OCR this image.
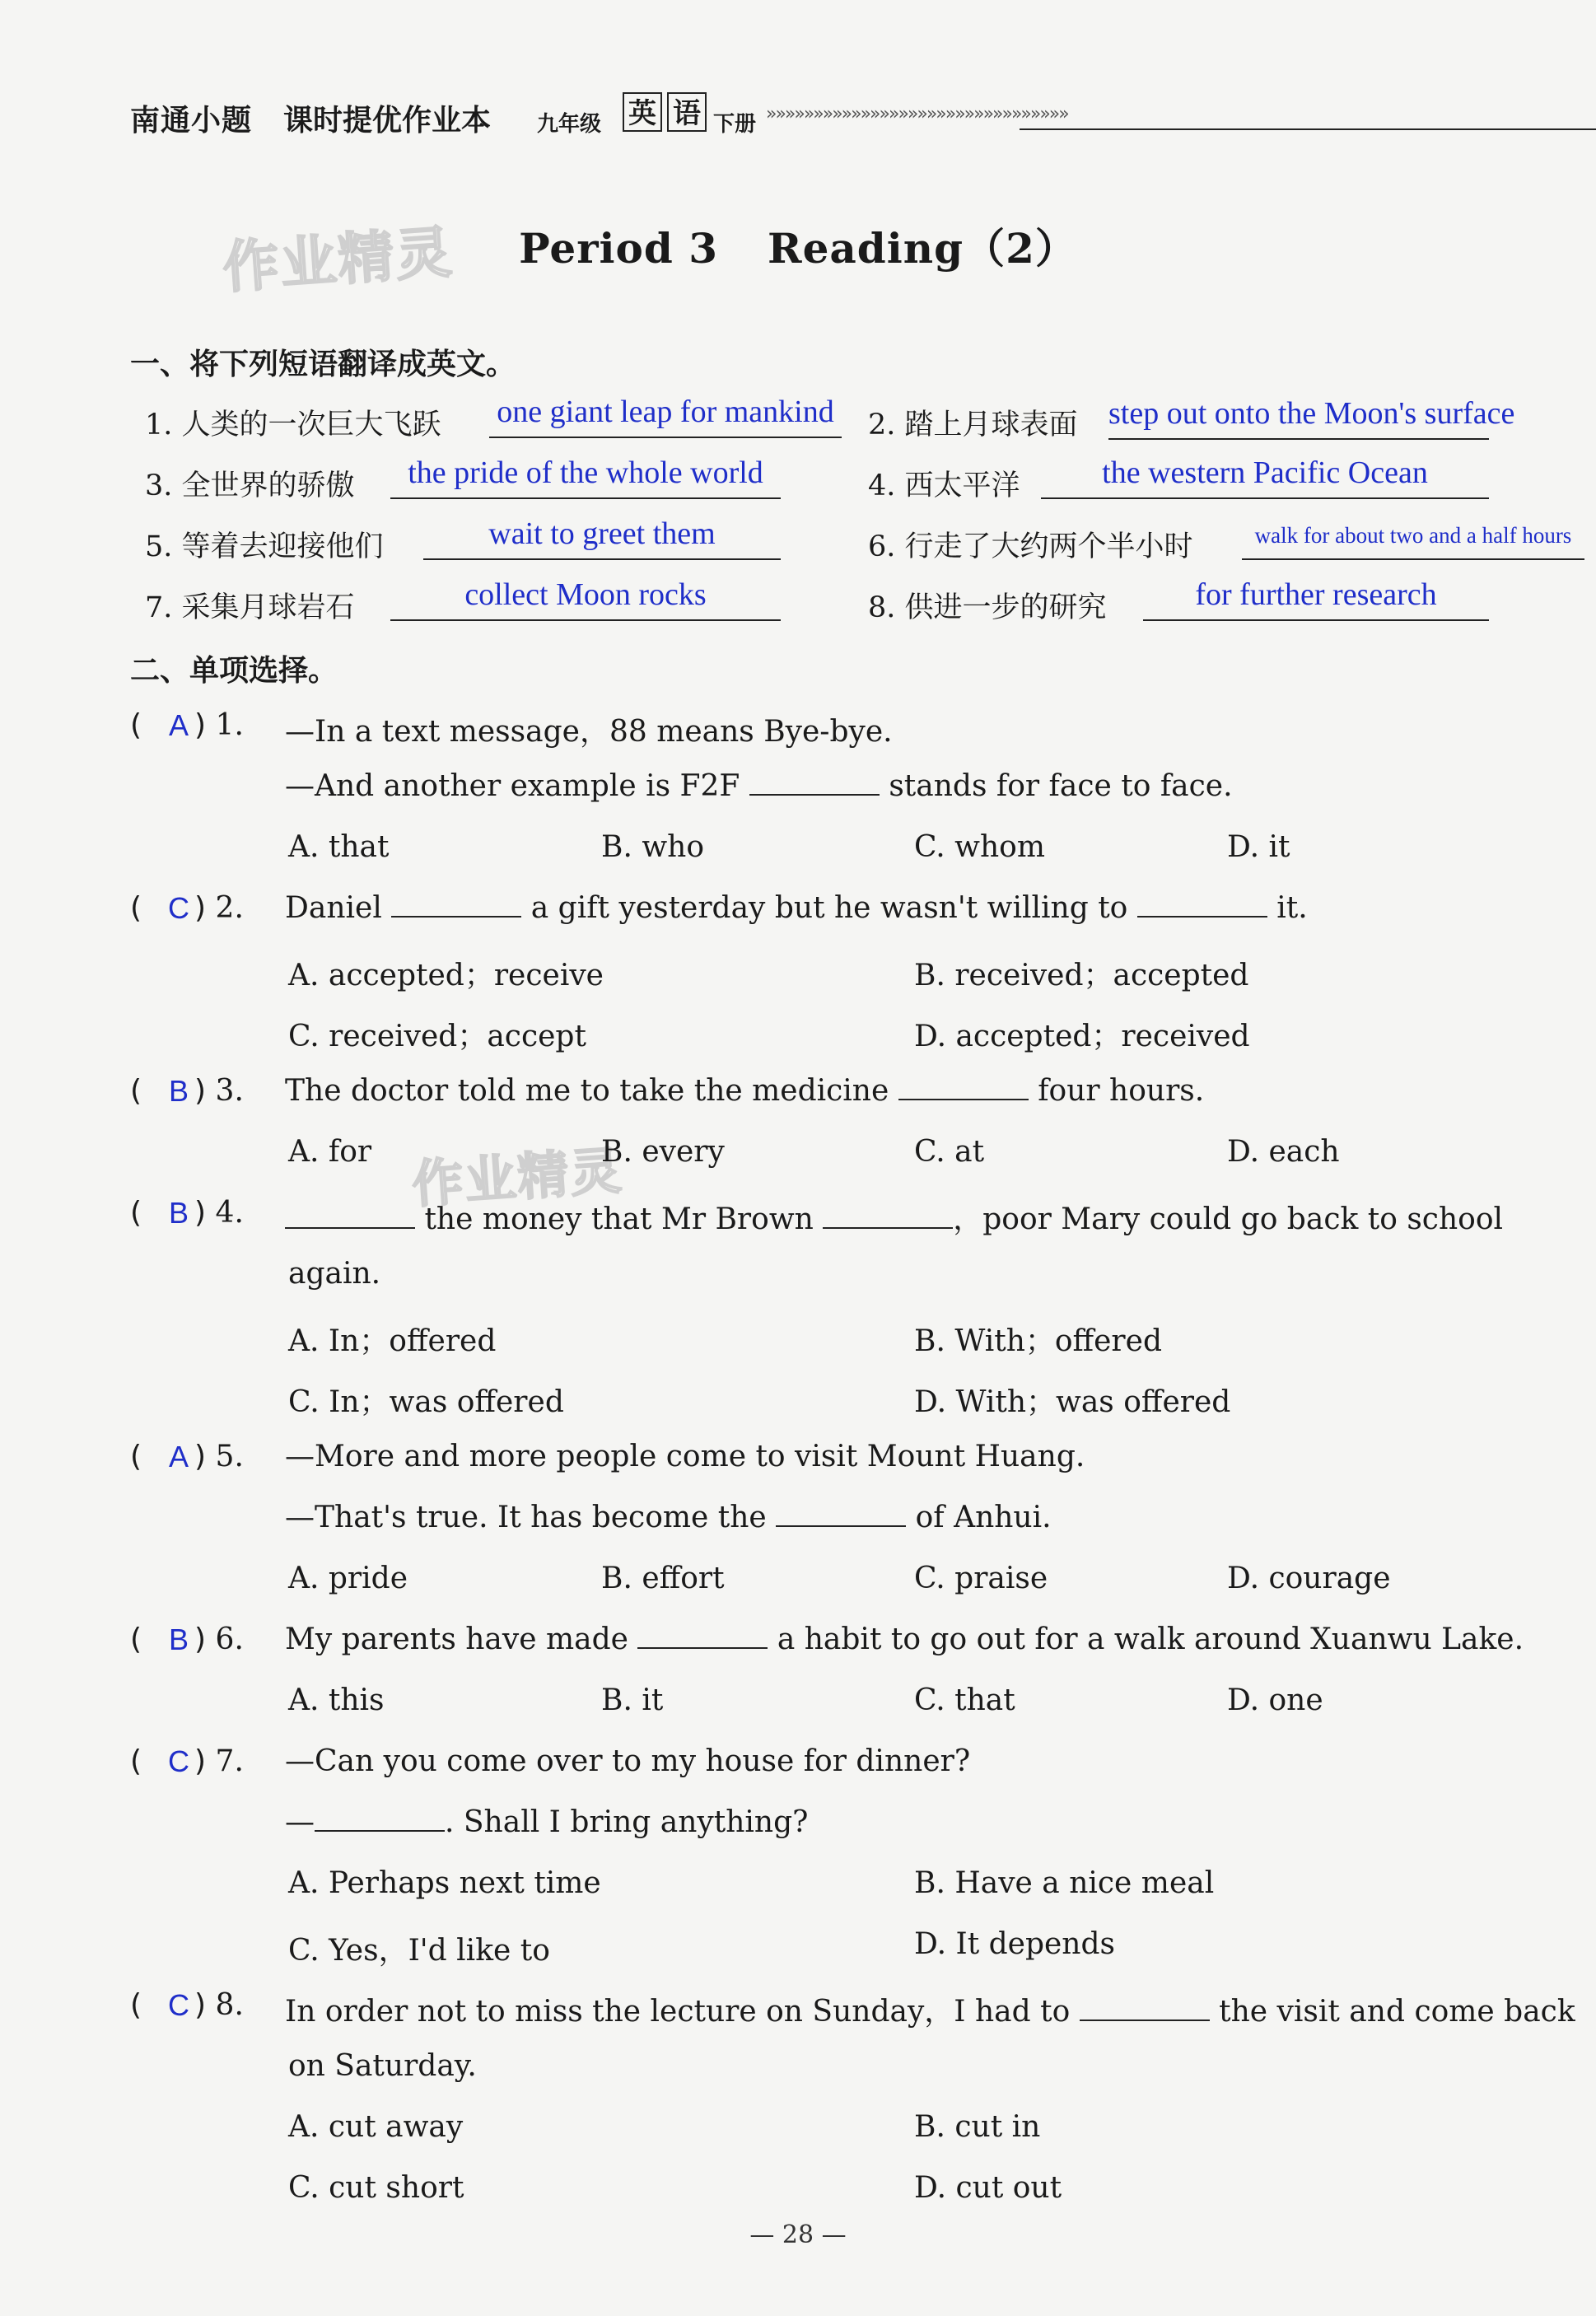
南通小题 课时提优作业本 九年级 英 语 下册 »»»»»»»»»»»»»»»»»»»»»»»»»»»»»»»»
作业精灵
作业精灵
Period 3 Reading（2）
一、将下列短语翻译成英文。
1. 人类的一次巨大飞跃 one giant leap for mankind 2. 踏上月球表面 step out onto the Moon's surface
3. 全世界的骄傲	the pride of the whole world	4. 西太平洋	the western Pacific Ocean
5. 等着去迎接他们	wait to greet them	6. 行走了大约两个半小时	walk for about two and a half hours
7. 采集月球岩石	collect Moon rocks	8. 供进一步的研究	for further research
二、单项选择。
( ) 1.
A	—In a text message，88 means Bye-bye.
—And another example is F2F	stands for face to face.
A. that	B. who	C. whom	D. it
( ) 2.
C	Daniel	a gift yesterday but he wasn't willing to	it.
A. accepted；receive	B. received；accepted
C. received；accept	D. accepted；received
( ) 3.
B	The doctor told me to take the medicine	four hours.
A. for	B. every	C. at	D. each
( ) 4.
B	the money that Mr Brown	，poor Mary could go back to school
again.
A. In；offered	B. With；offered
C. In；was offered	D. With；was offered
( ) 5.
A	—More and more people come to visit Mount Huang.
—That's true. It has become the	of Anhui.
A. pride	B. effort	C. praise	D. courage
( ) 6.
B	My parents have made	a habit to go out for a walk around Xuanwu Lake.
A. this	B. it	C. that	D. one
( ) 7.
C	—Can you come over to my house for dinner?
—	. Shall I bring anything?
A. Perhaps next time	B. Have a nice meal
C. Yes，I'd like to	D. It depends
( ) 8.
C	In order not to miss the lecture on Sunday，I had to	the visit and come back
on Saturday.
A. cut away	B. cut in
C. cut short	D. cut out
— 28 —
